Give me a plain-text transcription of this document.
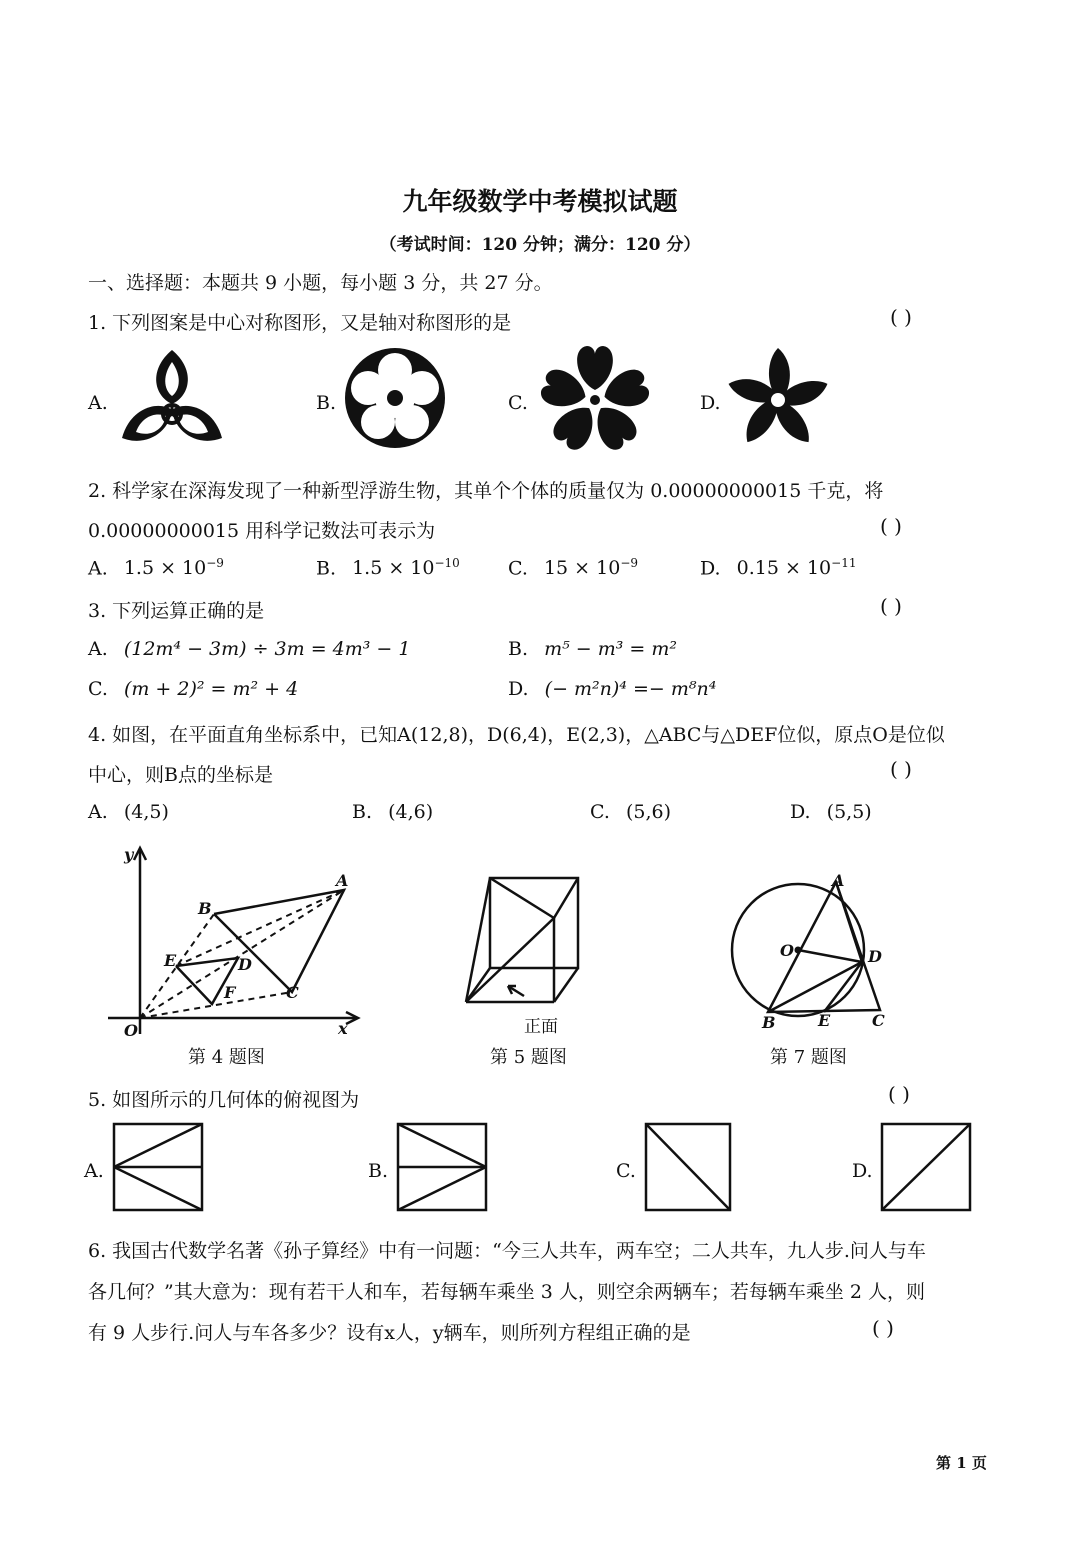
九年级数学中考模拟试题
（考试时间：120 分钟；满分：120 分）
一、选择题：本题共 9 小题，每小题 3 分，共 27 分。
1. 下列图案是中心对称图形，又是轴对称图形的是	( )
A.	B.	C.	D.
2. 科学家在深海发现了一种新型浮游生物，其单个个体的质量仅为 0.00000000015 千克，将
0.00000000015 用科学记数法可表示为	( )
A. $1.5 \times 10^{-9}$	B. $1.5 \times 10^{-10}$	C. $15 \times 10^{-9}$	D. $0.15 \times 10^{-11}$
3. 下列运算正确的是	( )
A. (12m⁴ − 3m) ÷ 3m = 4m³ − 1	B. m⁵ − m³ = m²
C. (m + 2)² = m² + 4	D. (− m²n)⁴ =− m⁸n⁴
4. 如图，在平面直角坐标系中，已知A(12,8)，D(6,4)，E(2,3)，△ABC与△DEF位似，原点O是位似
中心，则B点的坐标是	( )
A. (4,5)	B. (4,6)	C. (5,6)	D. (5,5)
y
x
O
A
B
C
D
E
F
第 4 题图
正面
第 5 题图
A
B	C
D
E
O
第 7 题图
5. 如图所示的几何体的俯视图为	( )
A.	B.	C.	D.
6. 我国古代数学名著《孙子算经》中有一问题：“今三人共车，两车空；二人共车，九人步.问人与车
各几何？”其大意为：现有若干人和车，若每辆车乘坐 3 人，则空余两辆车；若每辆车乘坐 2 人，则
有 9 人步行.问人与车各多少？设有x人，y辆车，则所列方程组正确的是	( )
第 1 页
